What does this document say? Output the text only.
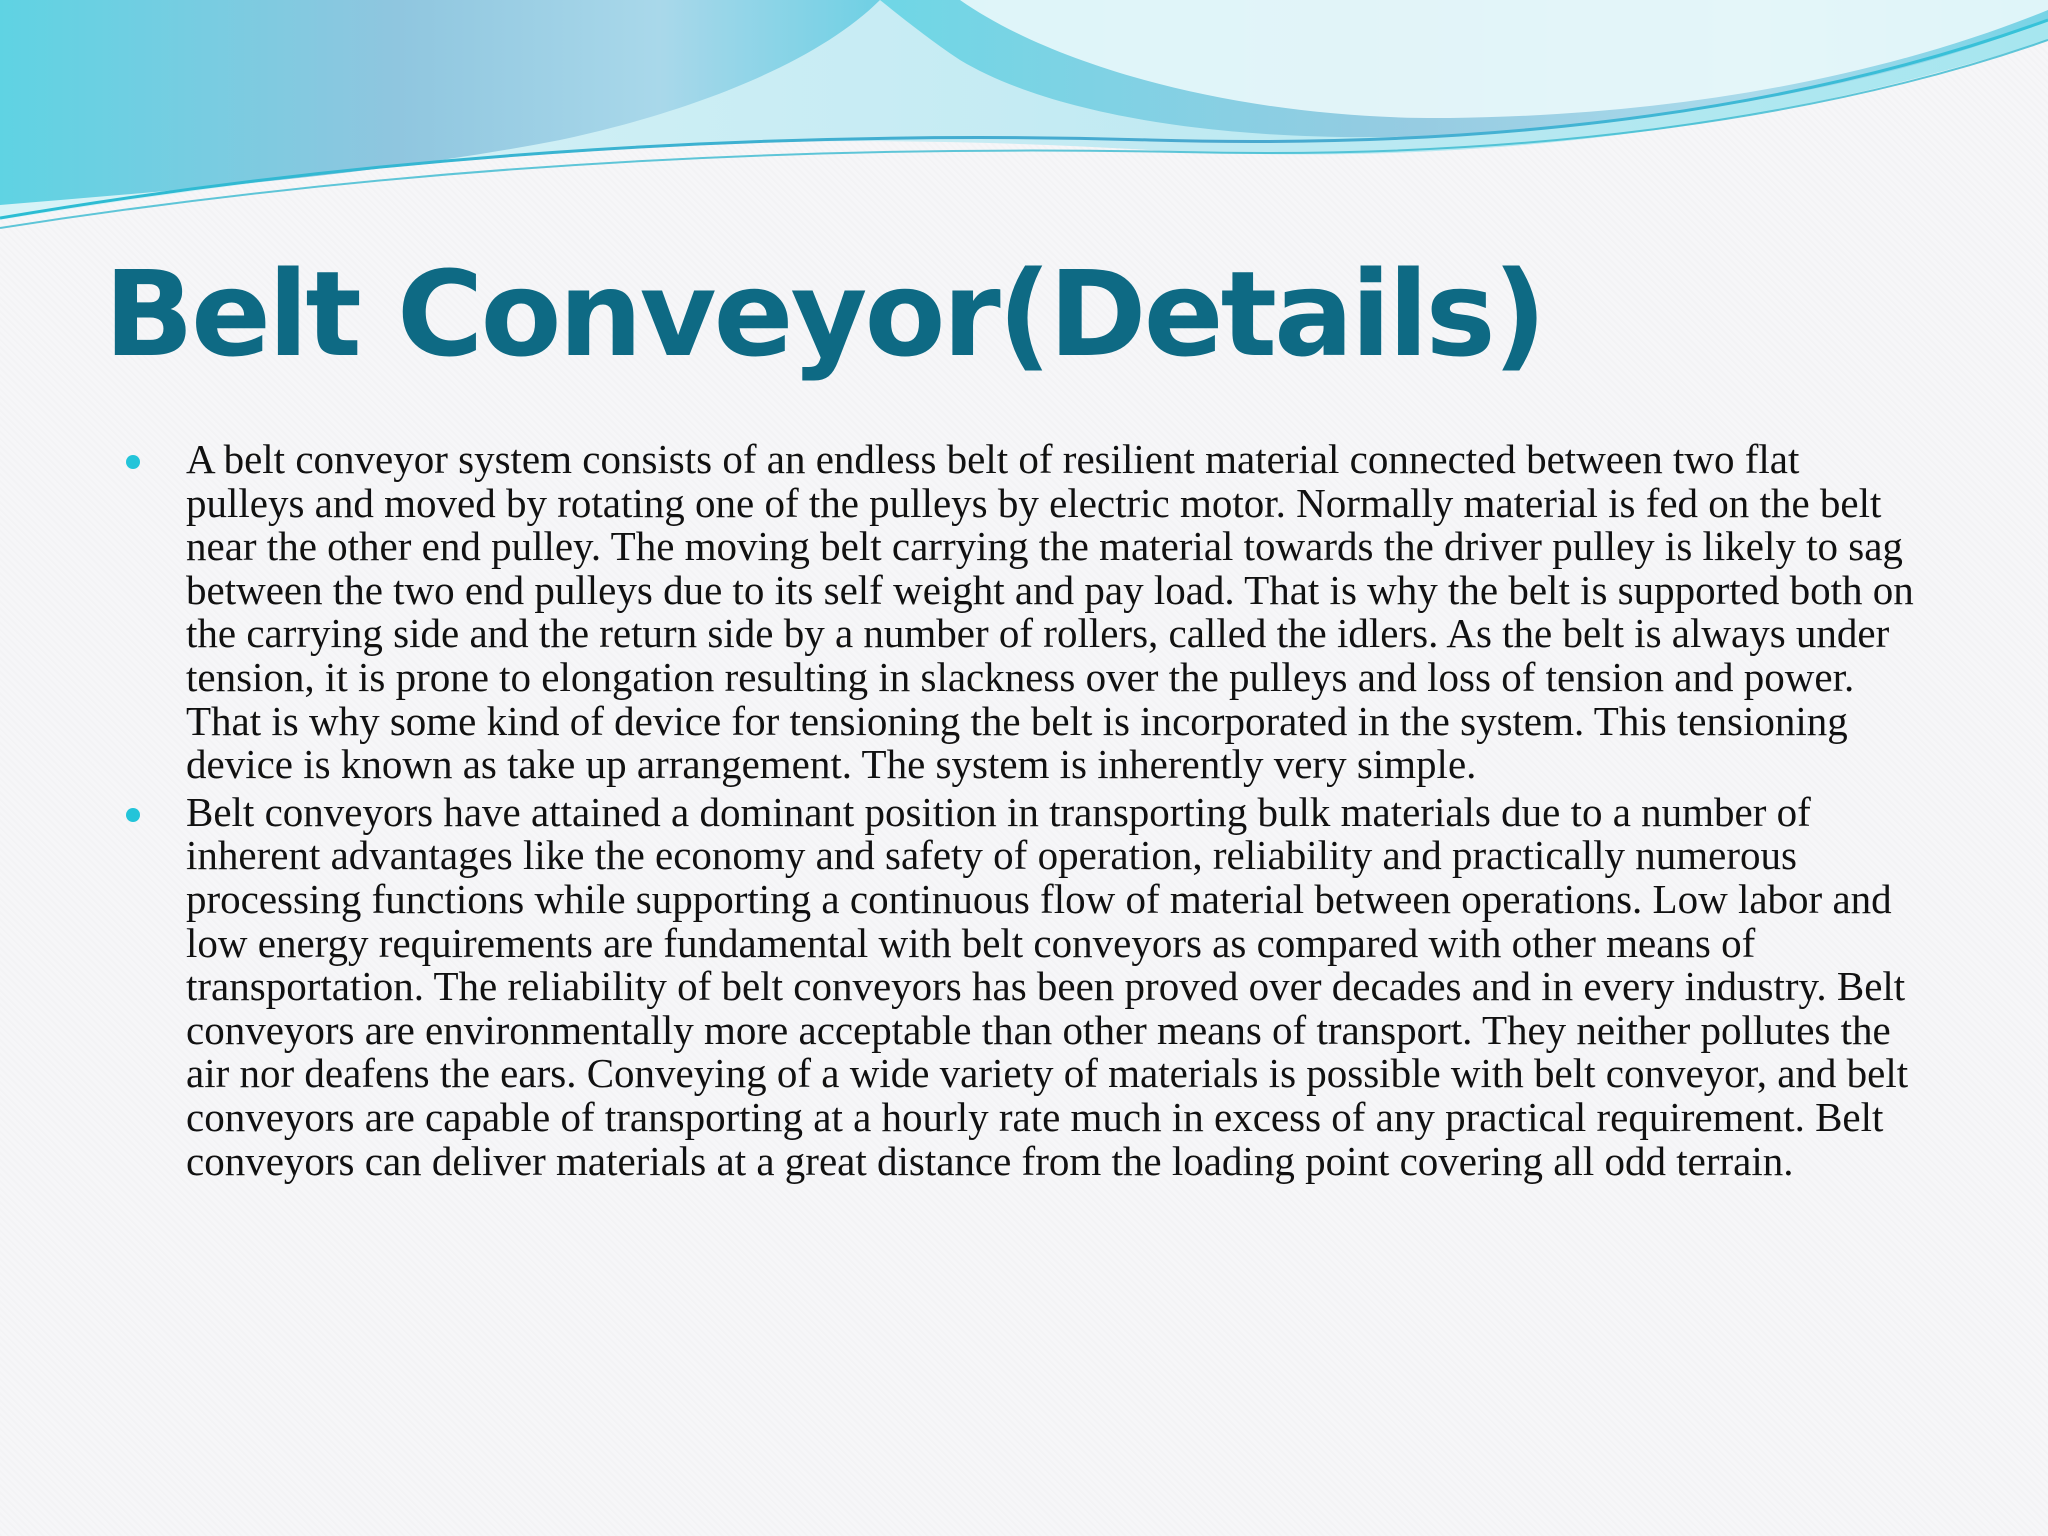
Belt Conveyor(Details)
A belt conveyor system consists of an endless belt of resilient material connected between two flat pulleys and moved by rotating one of the pulleys by electric motor. Normally material is fed on the belt near the other end pulley. The moving belt carrying the material towards the driver pulley is likely to sag between the two end pulleys due to its self weight and pay load. That is why the belt is supported both on the carrying side and the return side by a number of rollers, called the idlers. As the belt is always under tension, it is prone to elongation resulting in slackness over the pulleys and loss of tension and power. That is why some kind of device for tensioning the belt is incorporated in the system. This tensioning device is known as take up arrangement. The system is inherently very simple.
Belt conveyors have attained a dominant position in transporting bulk materials due to a number of inherent advantages like the economy and safety of operation, reliability and practically numerous processing functions while supporting a continuous flow of material between operations. Low labor and low energy requirements are fundamental with belt conveyors as compared with other means of transportation. The reliability of belt conveyors has been proved over decades and in every industry. Belt conveyors are environmentally more acceptable than other means of transport. They neither pollutes the air nor deafens the ears. Conveying of a wide variety of materials is possible with belt conveyor, and belt conveyors are capable of transporting at a hourly rate much in excess of any practical requirement. Belt conveyors can deliver materials at a great distance from the loading point covering all odd terrain.
